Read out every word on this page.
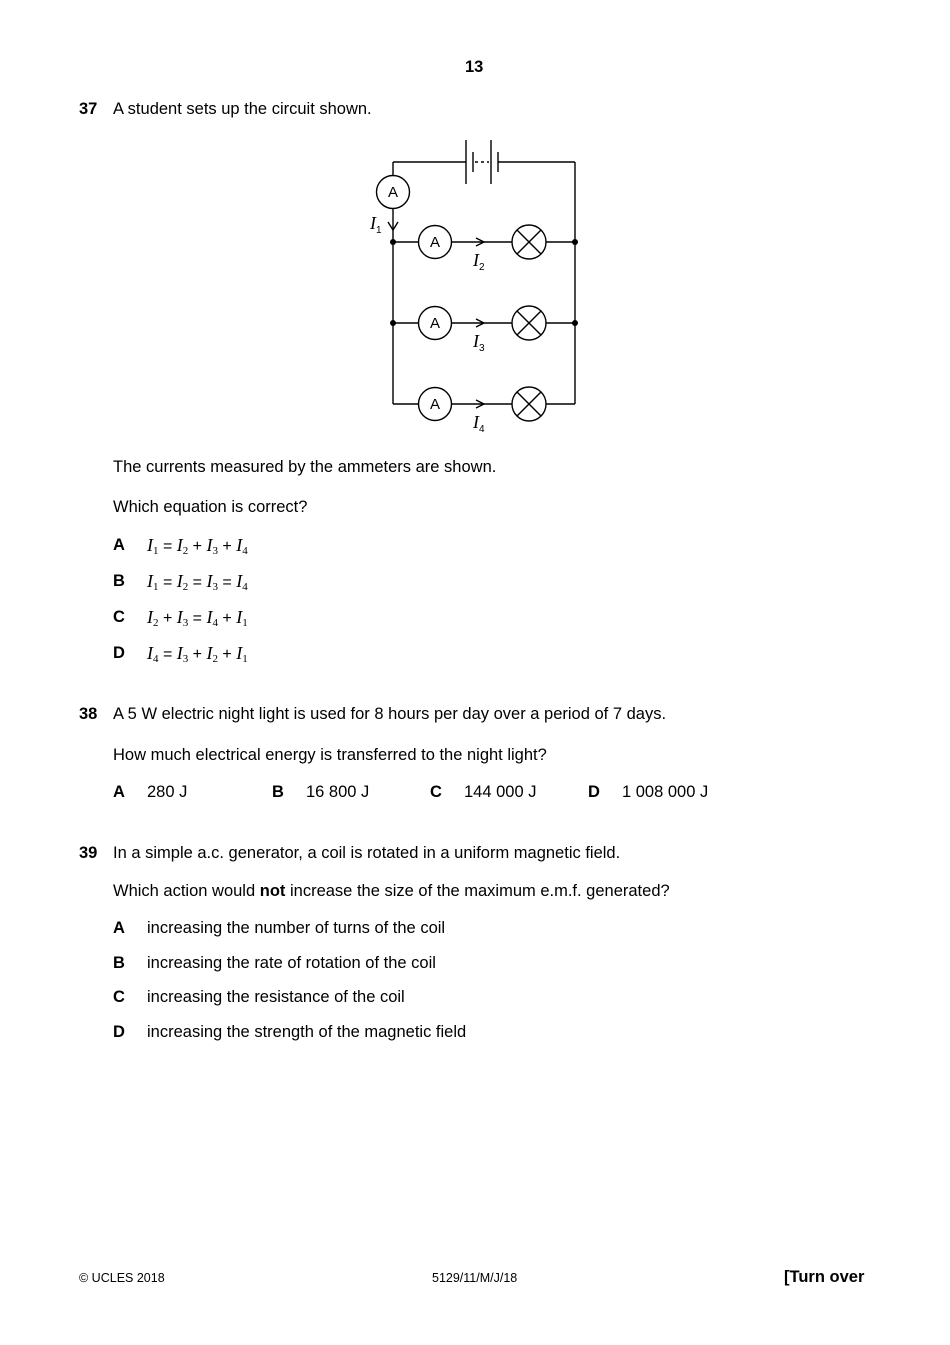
13
37 A student sets up the circuit shown.
A
A
A
A
$I_1$
$I_2$
$I_3$
$I_4$
The currents measured by the ammeters are shown.
Which equation is correct?
A $I_1 = I_2 + I_3 + I_4$
B $I_1 = I_2 = I_3 = I_4$
C $I_2 + I_3 = I_4 + I_1$
D $I_4 = I_3 + I_2 + I_1$
38 A 5 W electric night light is used for 8 hours per day over a period of 7 days.
How much electrical energy is transferred to the night light?
A 280 J	B 16 800 J	C 144 000 J	D 1 008 000 J
39 In a simple a.c. generator, a coil is rotated in a uniform magnetic field.
Which action would not increase the size of the maximum e.m.f. generated?
A increasing the number of turns of the coil
B increasing the rate of rotation of the coil
C increasing the resistance of the coil
D increasing the strength of the magnetic field
© UCLES 2018	5129/11/M/J/18	[Turn over
